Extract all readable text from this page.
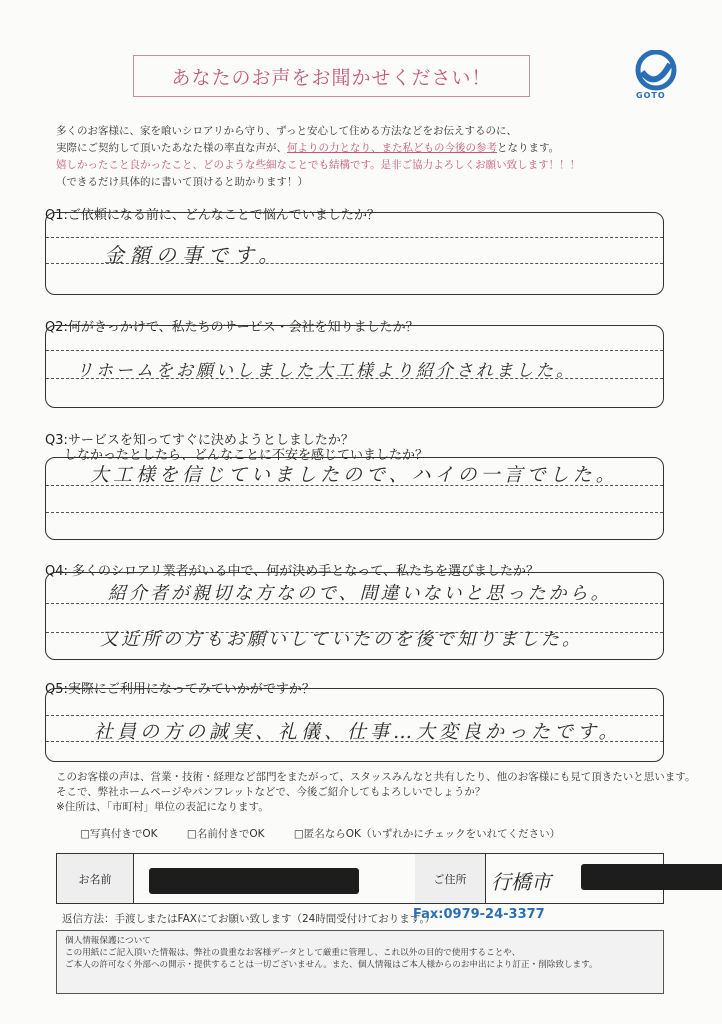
あなたのお声をお聞かせください！
GOTO
多くのお客様に、家を喰いシロアリから守り、ずっと安心して住める方法などをお伝えするのに、
実際にご契約して頂いたあなた様の率直な声が、何よりの力となり、また私どもの今後の参考となります。
嬉しかったこと良かったこと、どのような些細なことでも結構です。是非ご協力よろしくお願い致します！！！
（できるだけ具体的に書いて頂けると助かります！）
Q1:ご依頼になる前に、どんなことで悩んでいましたか？
金額の事です。
Q2:何がきっかけで、私たちのサービス・会社を知りましたか？
リホームをお願いしました大工様より紹介されました。
Q3:サービスを知ってすぐに決めようとしましたか？
しなかったとしたら、どんなことに不安を感じていましたか？
大工様を信じていましたので、ハイの一言でした。
Q4: 多くのシロアリ業者がいる中で、何が決め手となって、私たちを選びましたか？
紹介者が親切な方なので、間違いないと思ったから。
又近所の方もお願いしていたのを後で知りました。
Q5:実際にご利用になってみていかがですか？
社員の方の誠実、礼儀、仕事…大変良かったです。
このお客様の声は、営業・技術・経理など部門をまたがって、スタッスみんなと共有したり、他のお客様にも見て頂きたいと思います。
そこで、弊社ホームページやパンフレットなどで、今後ご紹介してもよろしいでしょうか？
※住所は、「市町村」単位の表記になります。
□写真付きでOK	□名前付きでOK	□匿名ならOK（いずれかにチェックをいれてください）
お名前	ご住所	行橋市
返信方法：手渡しまたはFAXにてお願い致します（24時間受付けております。）
Fax:0979-24-3377
個人情報保護について
この用紙にご記入頂いた情報は、弊社の貴重なお客様データとして厳重に管理し、これ以外の目的で使用することや、
ご本人の許可なく外部への開示・提供することは一切ございません。また、個人情報はご本人様からのお申出により訂正・削除致します。
